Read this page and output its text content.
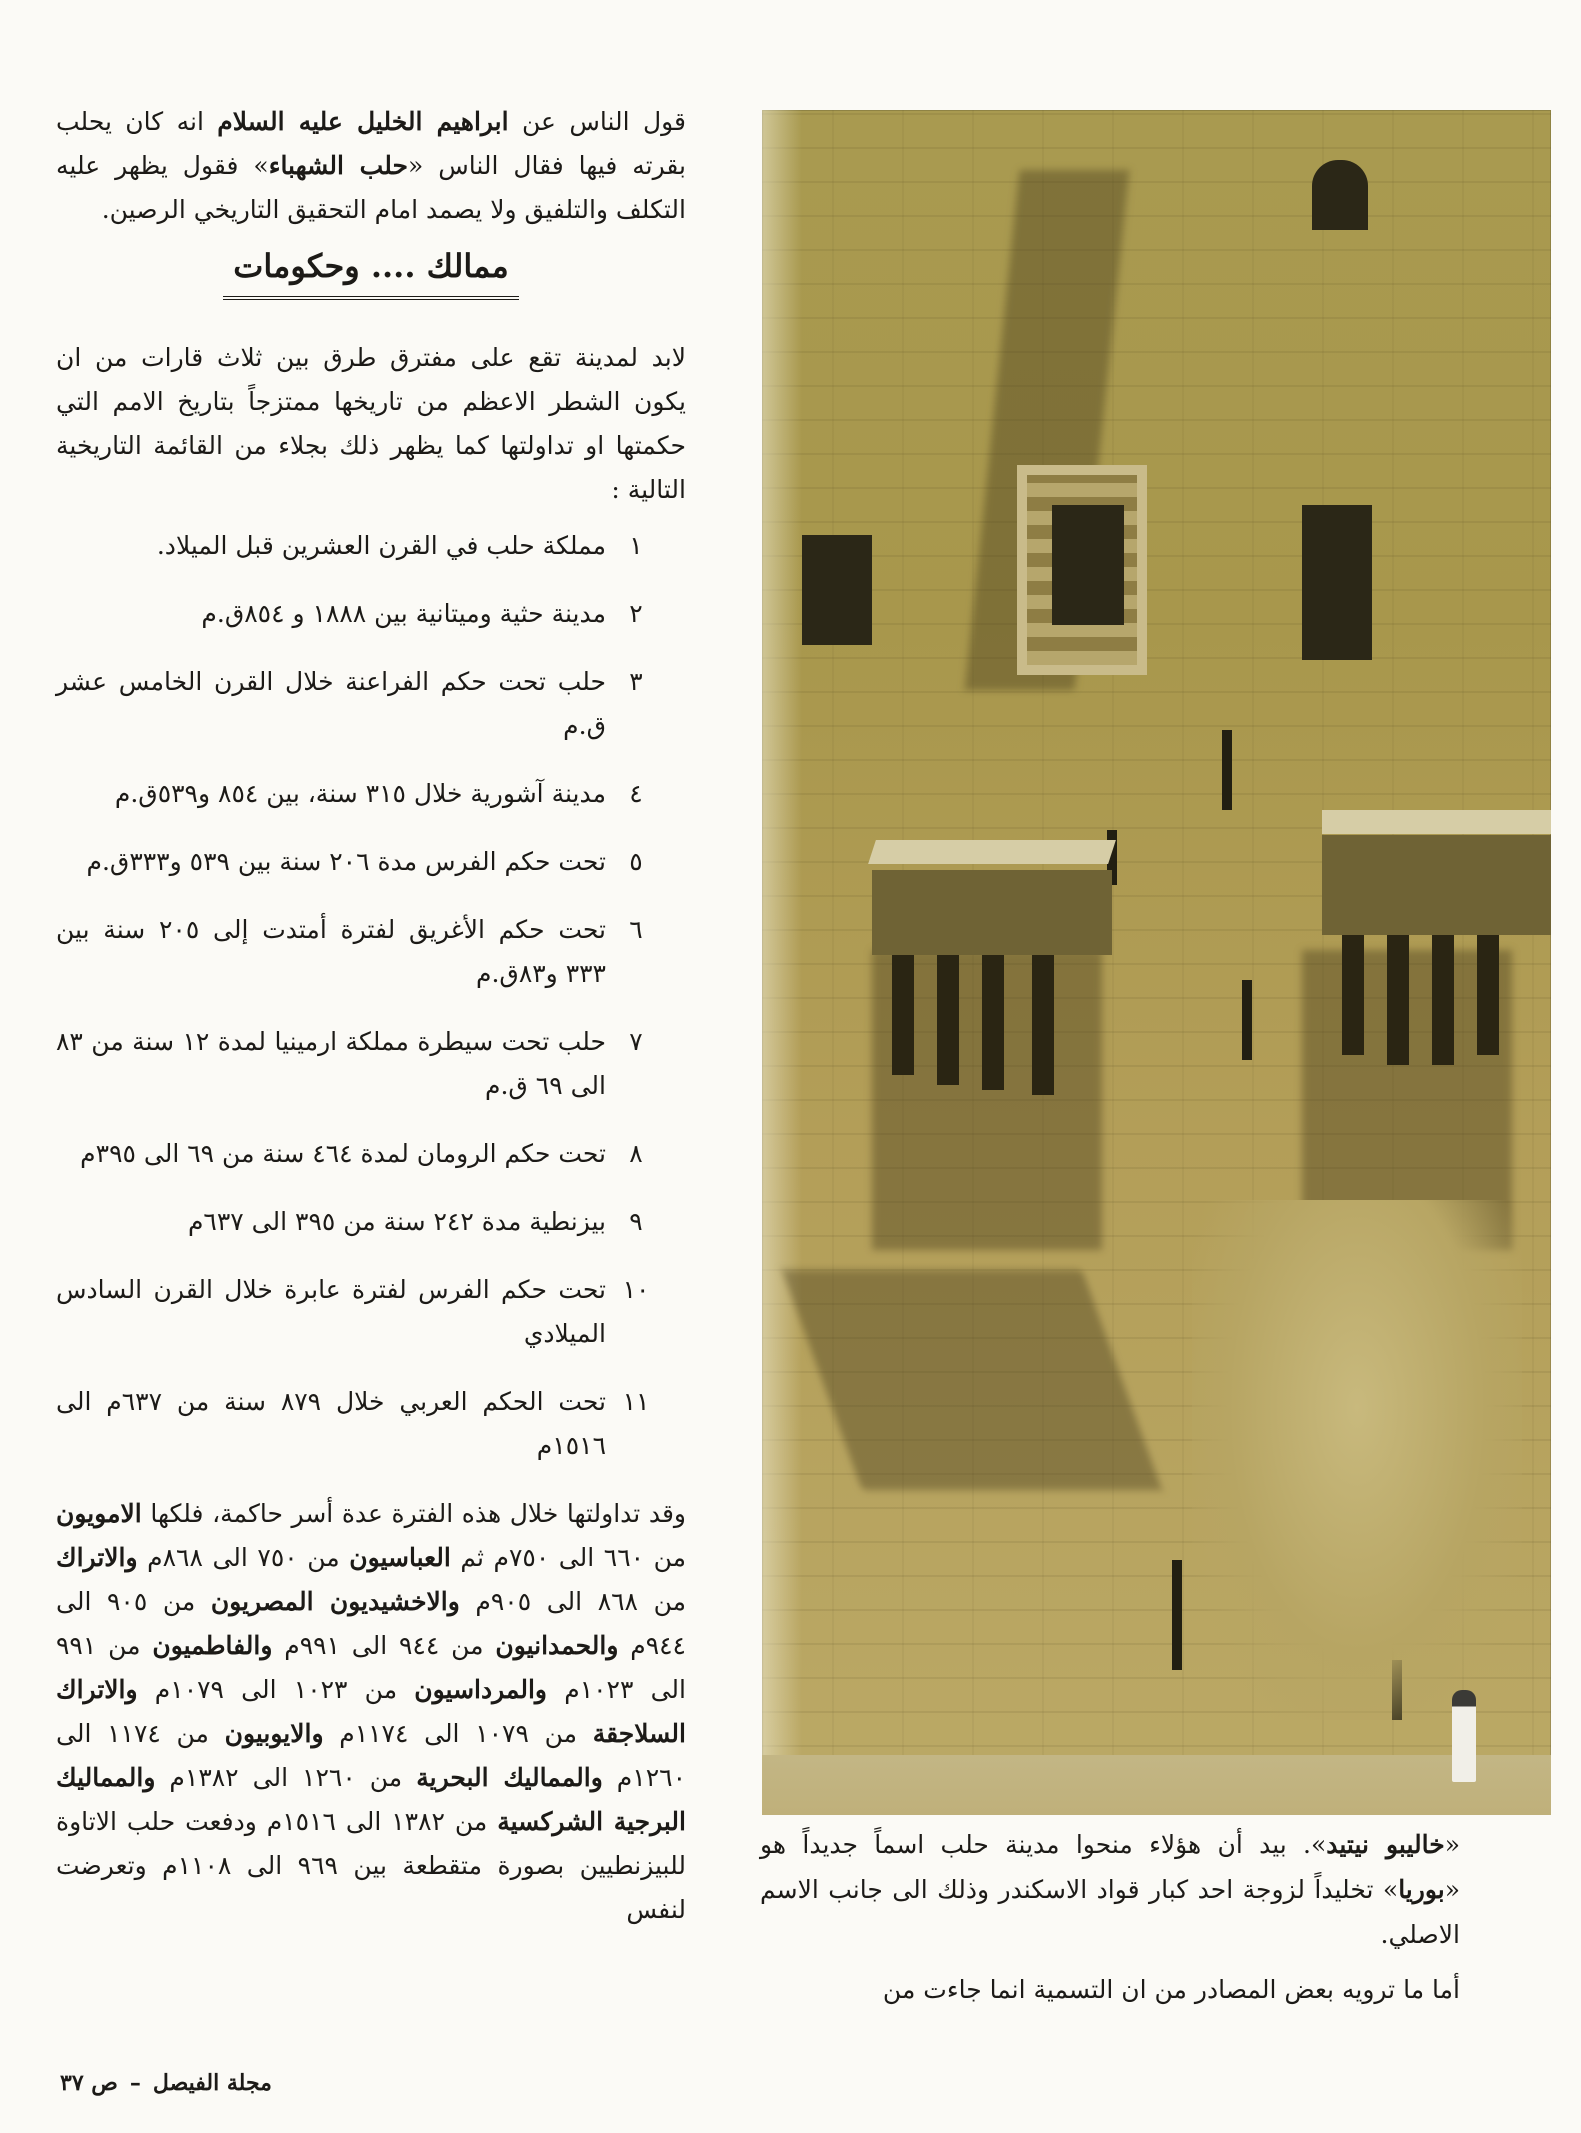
«خاليبو نيتيد». بيد أن هؤلاء منحوا مدينة حلب اسماً جديداً هو «بوريا» تخليداً لزوجة احد كبار قواد الاسكندر وذلك الى جانب الاسم الاصلي.

أما ما ترويه بعض المصادر من ان التسمية انما جاءت من

قول الناس عن ابراهيم الخليل عليه السلام انه كان يحلب بقرته فيها فقال الناس «حلب الشهباء» فقول يظهر عليه التكلف والتلفيق ولا يصمد امام التحقيق التاريخي الرصين.

ممالك .... وحكومات

لابد لمدينة تقع على مفترق طرق بين ثلاث قارات من ان يكون الشطر الاعظم من تاريخها ممتزجاً بتاريخ الامم التي حكمتها او تداولتها كما يظهر ذلك بجلاء من القائمة التاريخية التالية :

١
مملكة حلب في القرن العشرين قبل الميلاد.
٢
مدينة حثية وميتانية بين ١٨٨٨ و ٨٥٤ق.م
٣
حلب تحت حكم الفراعنة خلال القرن الخامس عشر ق.م
٤
مدينة آشورية خلال ٣١٥ سنة، بين ٨٥٤ و٥٣٩ق.م
٥
تحت حكم الفرس مدة ٢٠٦ سنة بين ٥٣٩ و٣٣٣ق.م
٦
تحت حكم الأغريق لفترة أمتدت إلى ٢٠٥ سنة بين ٣٣٣ و٨٣ق.م
٧
حلب تحت سيطرة مملكة ارمينيا لمدة ١٢ سنة من ٨٣ الى ٦٩ ق.م
٨
تحت حكم الرومان لمدة ٤٦٤ سنة من ٦٩ الى ٣٩٥م
٩
بيزنطية مدة ٢٤٢ سنة من ٣٩٥ الى ٦٣٧م
١٠
تحت حكم الفرس لفترة عابرة خلال القرن السادس الميلادي
١١
تحت الحكم العربي خلال ٨٧٩ سنة من ٦٣٧م الى ١٥١٦م

وقد تداولتها خلال هذه الفترة عدة أسر حاكمة، فلكها الامويون من ٦٦٠ الى ٧٥٠م ثم العباسيون من ٧٥٠ الى ٨٦٨م والاتراك من ٨٦٨ الى ٩٠٥م والاخشيديون المصريون من ٩٠٥ الى ٩٤٤م والحمدانيون من ٩٤٤ الى ٩٩١م والفاطميون من ٩٩١ الى ١٠٢٣م والمرداسيون من ١٠٢٣ الى ١٠٧٩م والاتراك السلاجقة من ١٠٧٩ الى ١١٧٤م والايوبيون من ١١٧٤ الى ١٢٦٠م والمماليك البحرية من ١٢٦٠ الى ١٣٨٢م والمماليك البرجية الشركسية من ١٣٨٢ الى ١٥١٦م ودفعت حلب الاتاوة للبيزنطيين بصورة متقطعة بين ٩٦٩ الى ١١٠٨م وتعرضت لنفس

مجلة الفيصل–ص ٣٧
